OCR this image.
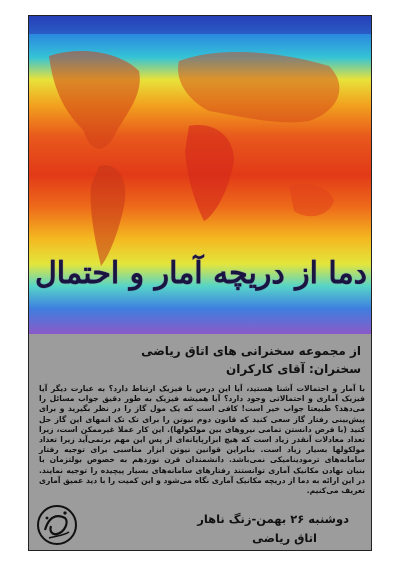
دما از دریچه آمار و احتمال
از مجموعه سخنرانی های اتاق ریاضی
سخنران: آقای کارکران
با آمار و احتمالات آشنا هستید، آیا این درس با فیزیک ارتباط دارد؟ به عبارت دیگر آیا فیزیک آماری و احتمالاتی وجود دارد؟ آیا همیشه فیزیک به طور دقیق جواب مسائل را می‌دهد؟ طبیعتا جواب خیر است! کافی است که یک مول گاز را در نظر بگیرید و برای پیش‌بینی رفتار گاز سعی کنید که قانون دوم نیوتن را برای تک تک اتمهای این گاز حل کنید (با فرض دانستن تمامی نیروهای بین مولکولها). این کار عملا غیرممکن است، زیرا تعداد معادلات آنقدر زیاد است که هیچ ابزارپایانه‌ای از پس این مهم برنمی‌آید زیرا تعداد مولکولها بسیار زیاد است. بنابراین قوانین نیوتن ابزار مناسبی برای توجیه رفتار سامانه‌های ترمودینامیکی نمی‌باشد. دانشمندان قرن نوزدهم به خصوص بولتزمان با بنیان نهادن مکانیک آماری توانستند رفتارهای سامانه‌های بسیار پیچیده را توجیه نمایند. در این ارائه به دما از دریچه مکانیک آماری نگاه می‌شود و این کمیت را با دید عمیق آماری تعریف می‌کنیم.
دوشنبه ۲۶ بهمن-زنگ ناهار
اتاق ریاضی
